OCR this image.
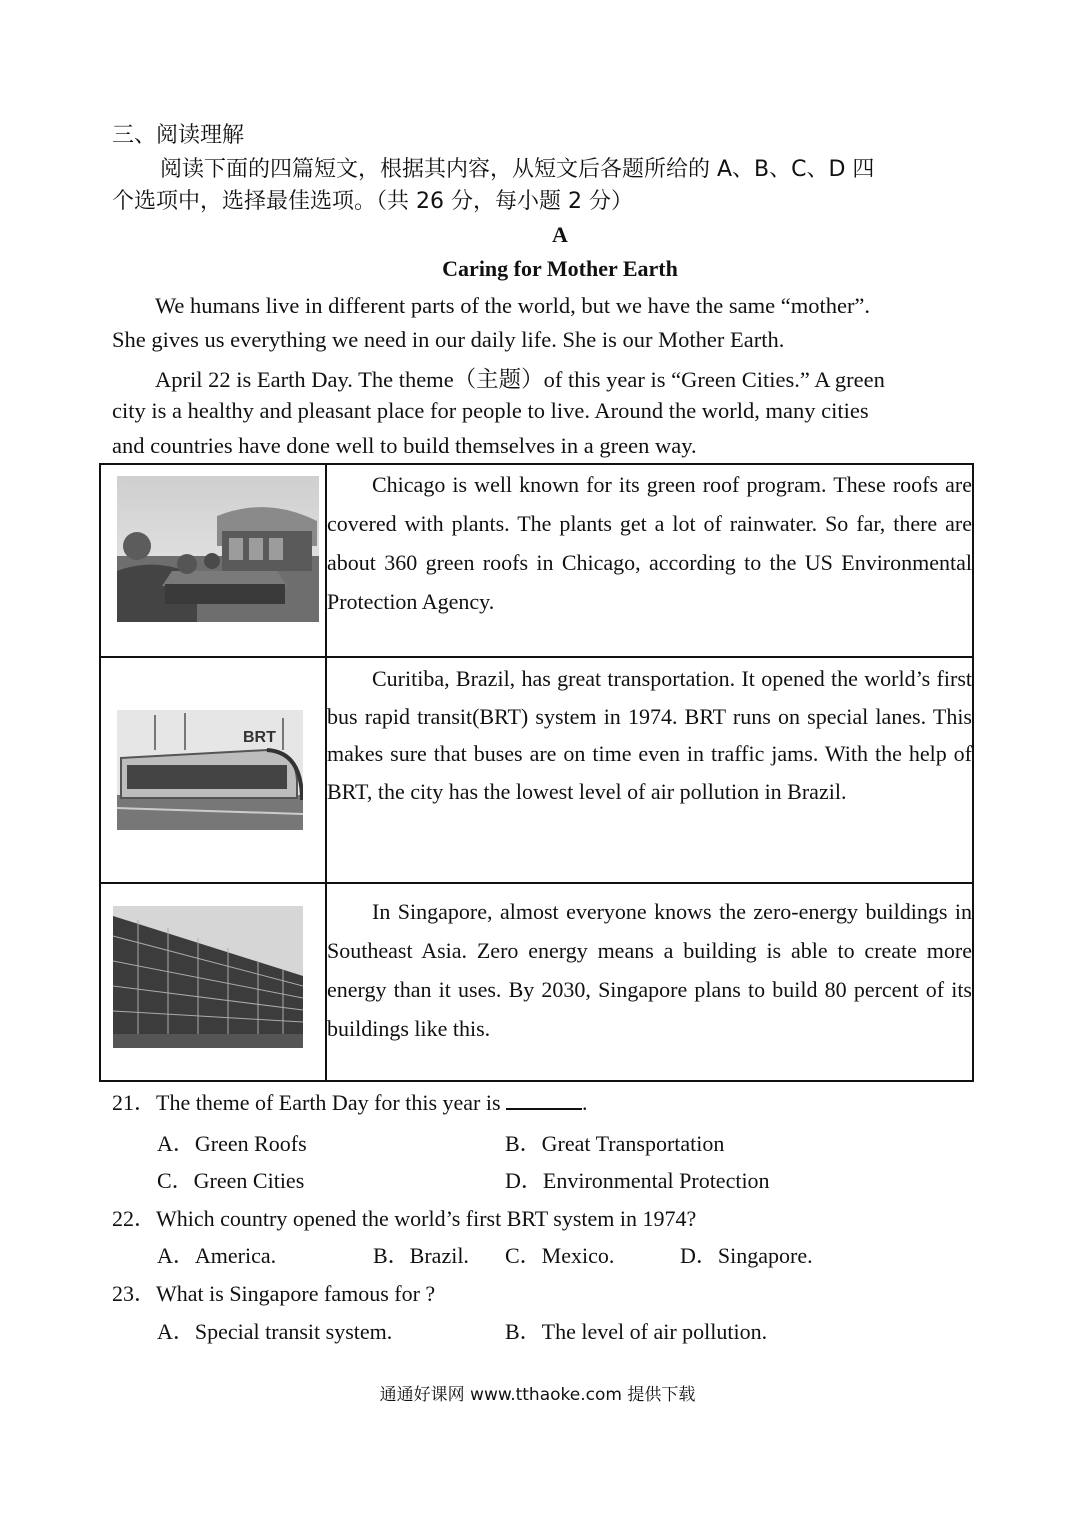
三、阅读理解
阅读下面的四篇短文，根据其内容，从短文后各题所给的 A、B、C、D 四
个选项中，选择最佳选项。（共 26 分，每小题 2 分）
A
Caring for Mother Earth
We humans live in different parts of the world, but we have the same “mother”.
She gives us everything we need in our daily life. She is our Mother Earth.
April 22 is Earth Day. The theme（主题）of this year is “Green Cities.” A green
city is a healthy and pleasant place for people to live. Around the world, many cities
and countries have done well to build themselves in a green way.

Chicago is well known for its green roof program. These roofs are covered with plants. The plants get a lot of rainwater. So far, there are about 360 green roofs in Chicago, according to the US Environmental Protection Agency.

BRT	Curitiba, Brazil, has great transportation. It opened the world’s first bus rapid transit(BRT) system in 1974. BRT runs on special lanes. This makes sure that buses are on time even in traffic jams. With the help of BRT, the city has the lowest level of air pollution in Brazil.

In Singapore, almost everyone knows the zero-energy buildings in Southeast Asia. Zero energy means a building is able to create more energy than it uses. By 2030, Singapore plans to build 80 percent of its buildings like this.
21．The theme of Earth Day for this year is	.
A．Green Roofs	B．Great Transportation
C．Green Cities	D．Environmental Protection
22．Which country opened the world’s first BRT system in 1974?
A．America.	B．Brazil. C．Mexico.	D．Singapore.
23．What is Singapore famous for ?
A．Special transit system.	B．The level of air pollution.
通通好课网 www.tthaoke.com 提供下载
